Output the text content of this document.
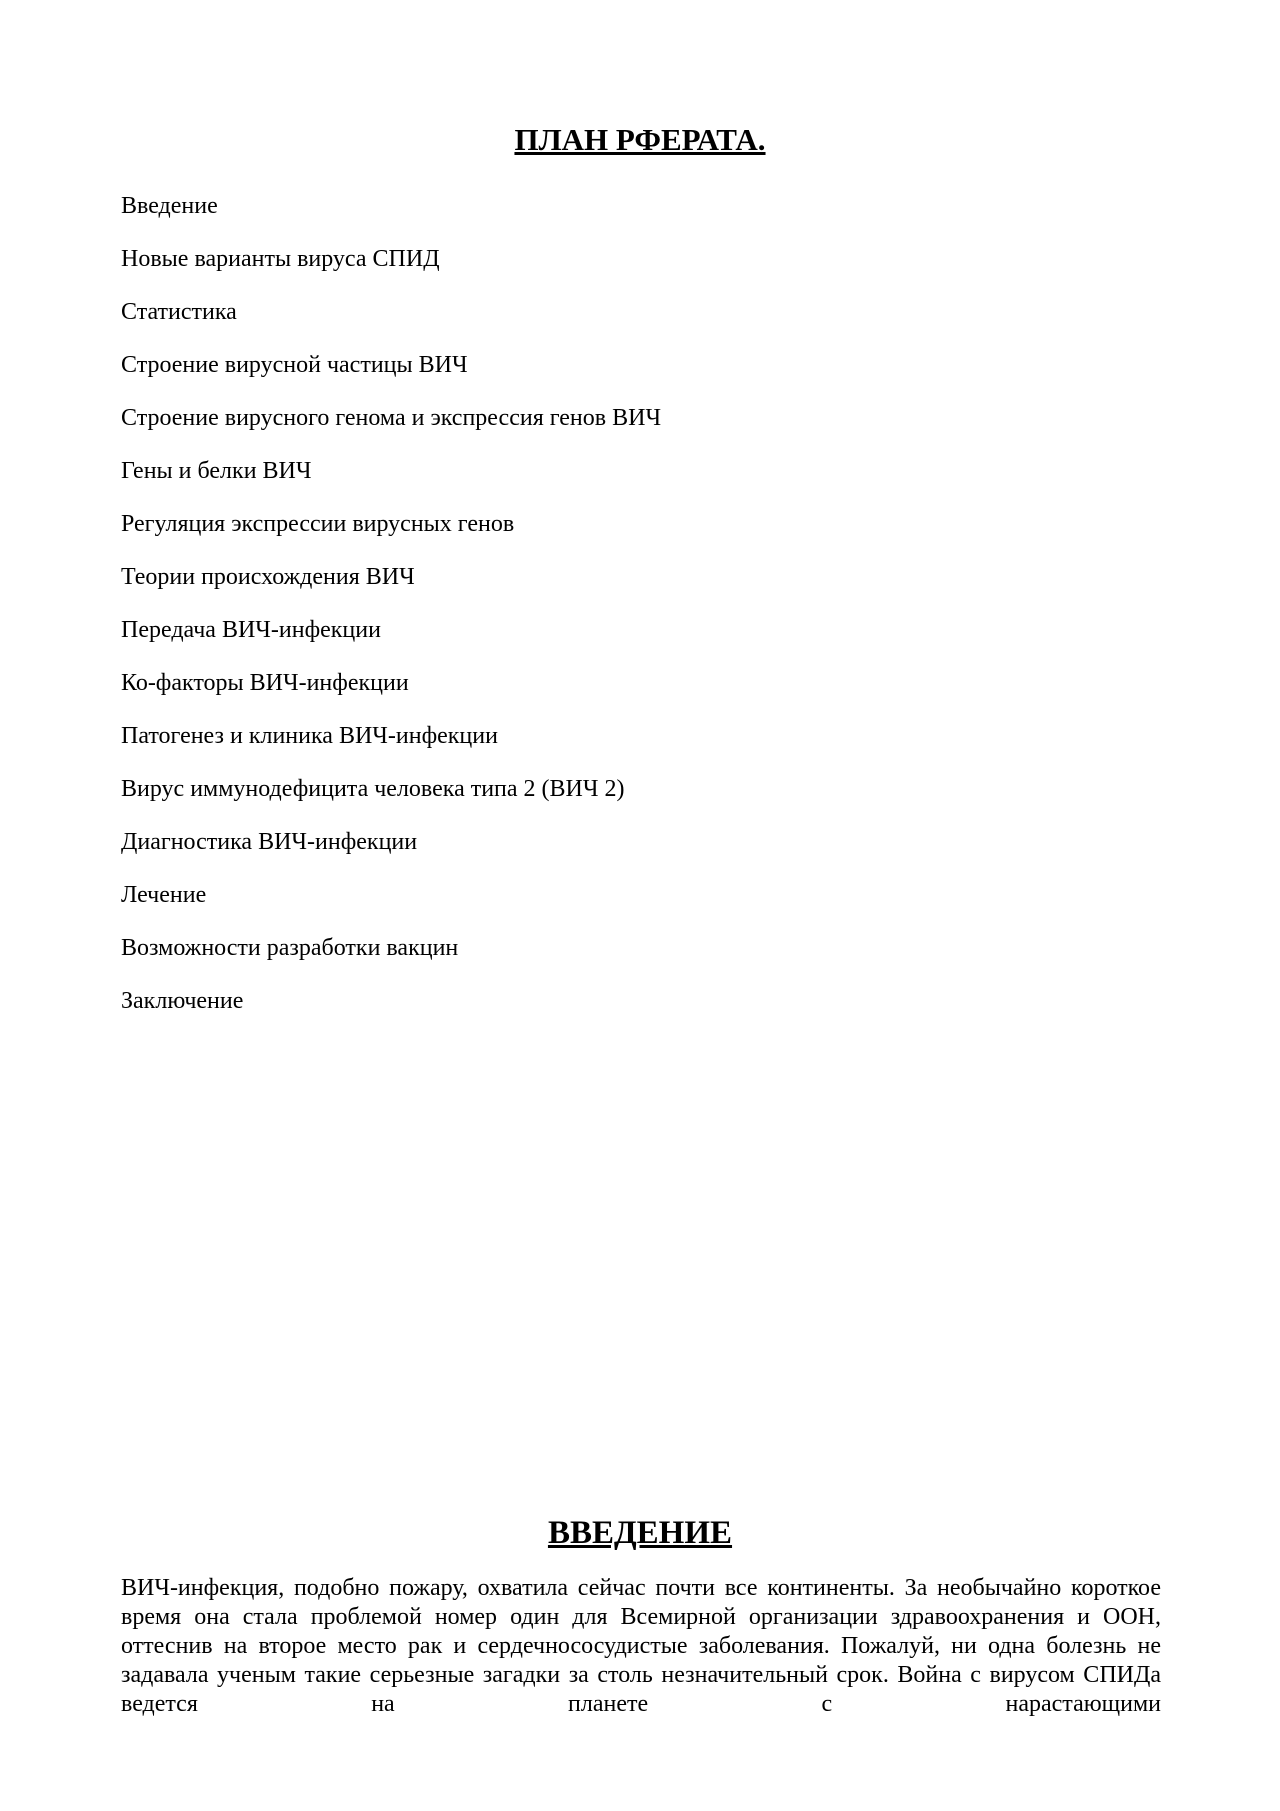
ПЛАН РФЕРАТА.
Введение
Новые варианты вируса СПИД
Статистика
Строение вирусной частицы ВИЧ
Строение вирусного генома и экспрессия генов ВИЧ
Гены и белки ВИЧ
Регуляция экспрессии вирусных генов
Теории происхождения ВИЧ
Передача ВИЧ-инфекции
Ко-факторы ВИЧ-инфекции
Патогенез и клиника ВИЧ-инфекции
Вирус иммунодефицита человека типа 2 (ВИЧ 2)
Диагностика ВИЧ-инфекции
Лечение
Возможности разработки вакцин
Заключение
ВВЕДЕНИЕ

ВИЧ-инфекция, подобно пожару, охватила сейчас почти все континенты. За необычайно короткое время она стала проблемой номер один для Всемирной организации здравоохранения и ООН, оттеснив на второе место рак и сердечнососудистые заболевания. Пожалуй, ни одна болезнь не задавала ученым такие серьезные загадки за столь незначительный срок. Война с вирусом СПИДа ведется на планете с нарастающими
